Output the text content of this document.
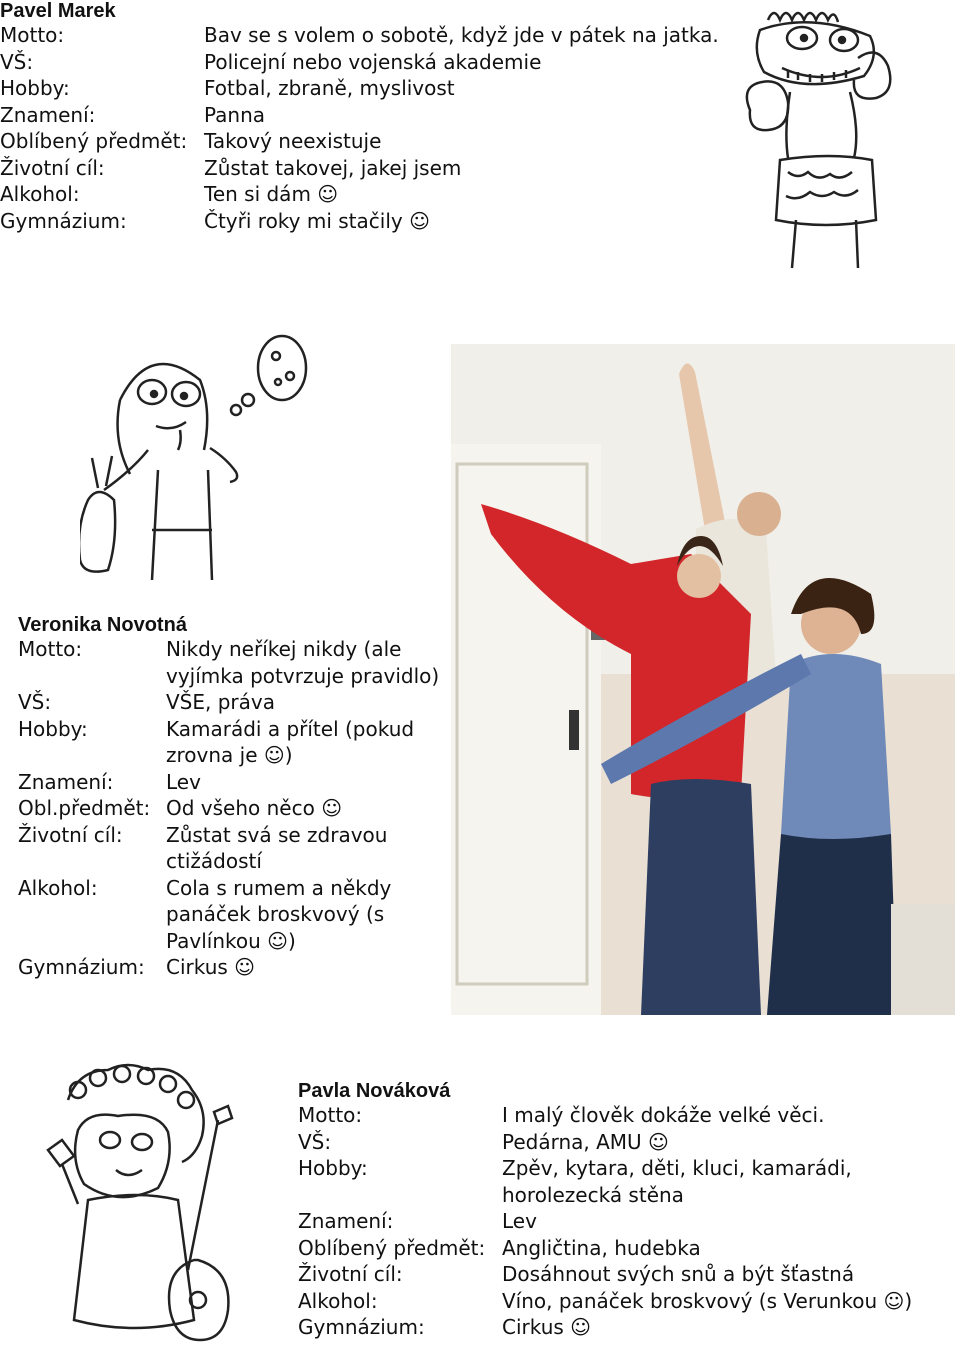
Pavel Marek
Motto:	Bav se s volem o sobotě, když jde v pátek na jatka.
VŠ:	Policejní nebo vojenská akademie
Hobby:	Fotbal, zbraně, myslivost
Znamení:	Panna
Oblíbený předmět: Takový neexistuje
Životní cíl:	Zůstat takovej, jakej jsem
Alkohol:	Ten si dám ☺
Gymnázium:	Čtyři roky mi stačily ☺
Veronika Novotná
Motto:	Nikdy neříkej nikdy (ale vyjímka potvrzuje pravidlo)
VŠ:	VŠE, práva
Hobby:	Kamarádi a přítel (pokud zrovna je ☺)
Znamení:	Lev
Obl.předmět: Od všeho něco ☺
Životní cíl:	Zůstat svá se zdravou ctižádostí
Alkohol:	Cola s rumem a někdy panáček broskvový (s Pavlínkou ☺)
Gymnázium:	Cirkus ☺
Pavla Nováková
Motto:	I malý člověk dokáže velké věci.
VŠ:	Pedárna, AMU ☺
Hobby:	Zpěv, kytara, děti, kluci, kamarádi, horolezecká stěna
Znamení:	Lev
Oblíbený předmět: Angličtina, hudebka
Životní cíl:	Dosáhnout svých snů a být šťastná
Alkohol:	Víno, panáček broskvový (s Verunkou ☺)
Gymnázium:	Cirkus ☺
